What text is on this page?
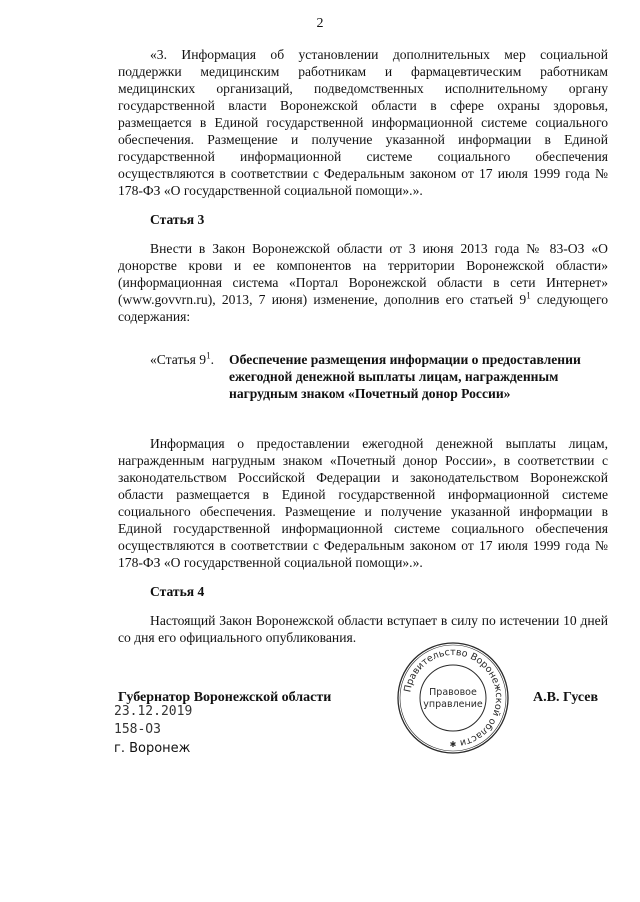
2

«3. Информация об установлении дополнительных мер социальной поддержки медицинским работникам и фармацевтическим работникам медицинских организаций, подведомственных исполнительному органу государственной власти Воронежской области в сфере охраны здоровья, размещается в Единой государственной информационной системе социального обеспечения. Размещение и получение указанной информации в Единой государственной информационной системе социального обеспечения осуществляются в соответствии с Федеральным законом от 17 июля 1999 года № 178-ФЗ «О государственной социальной помощи».».

Статья 3

Внести в Закон Воронежской области от 3 июня 2013 года № 83-ОЗ «О донорстве крови и ее компонентов на территории Воронежской области» (информационная система «Портал Воронежской области в сети Интернет» (www.govvrn.ru), 2013, 7 июня) изменение, дополнив его статьей $9^1$ следующего содержания:

«Статья $9^1$. Обеспечение размещения информации о предоставлении ежегодной денежной выплаты лицам, награжденным нагрудным знаком «Почетный донор России»

Информация о предоставлении ежегодной денежной выплаты лицам, награжденным нагрудным знаком «Почетный донор России», в соответствии с законодательством Российской Федерации и законодательством Воронежской области размещается в Единой государственной информационной системе социального обеспечения. Размещение и получение указанной информации в Единой государственной информационной системе социального обеспечения осуществляются в соответствии с Федеральным законом от 17 июля 1999 года № 178-ФЗ «О государственной социальной помощи».».

Статья 4

Настоящий Закон Воронежской области вступает в силу по истечении 10 дней со дня его официального опубликования.

Губернатор Воронежской области	А.В. Гусев
23.12.2019
158-ОЗ
г. Воронеж
Правительство Воронежской области
Правовое
управление
✱
